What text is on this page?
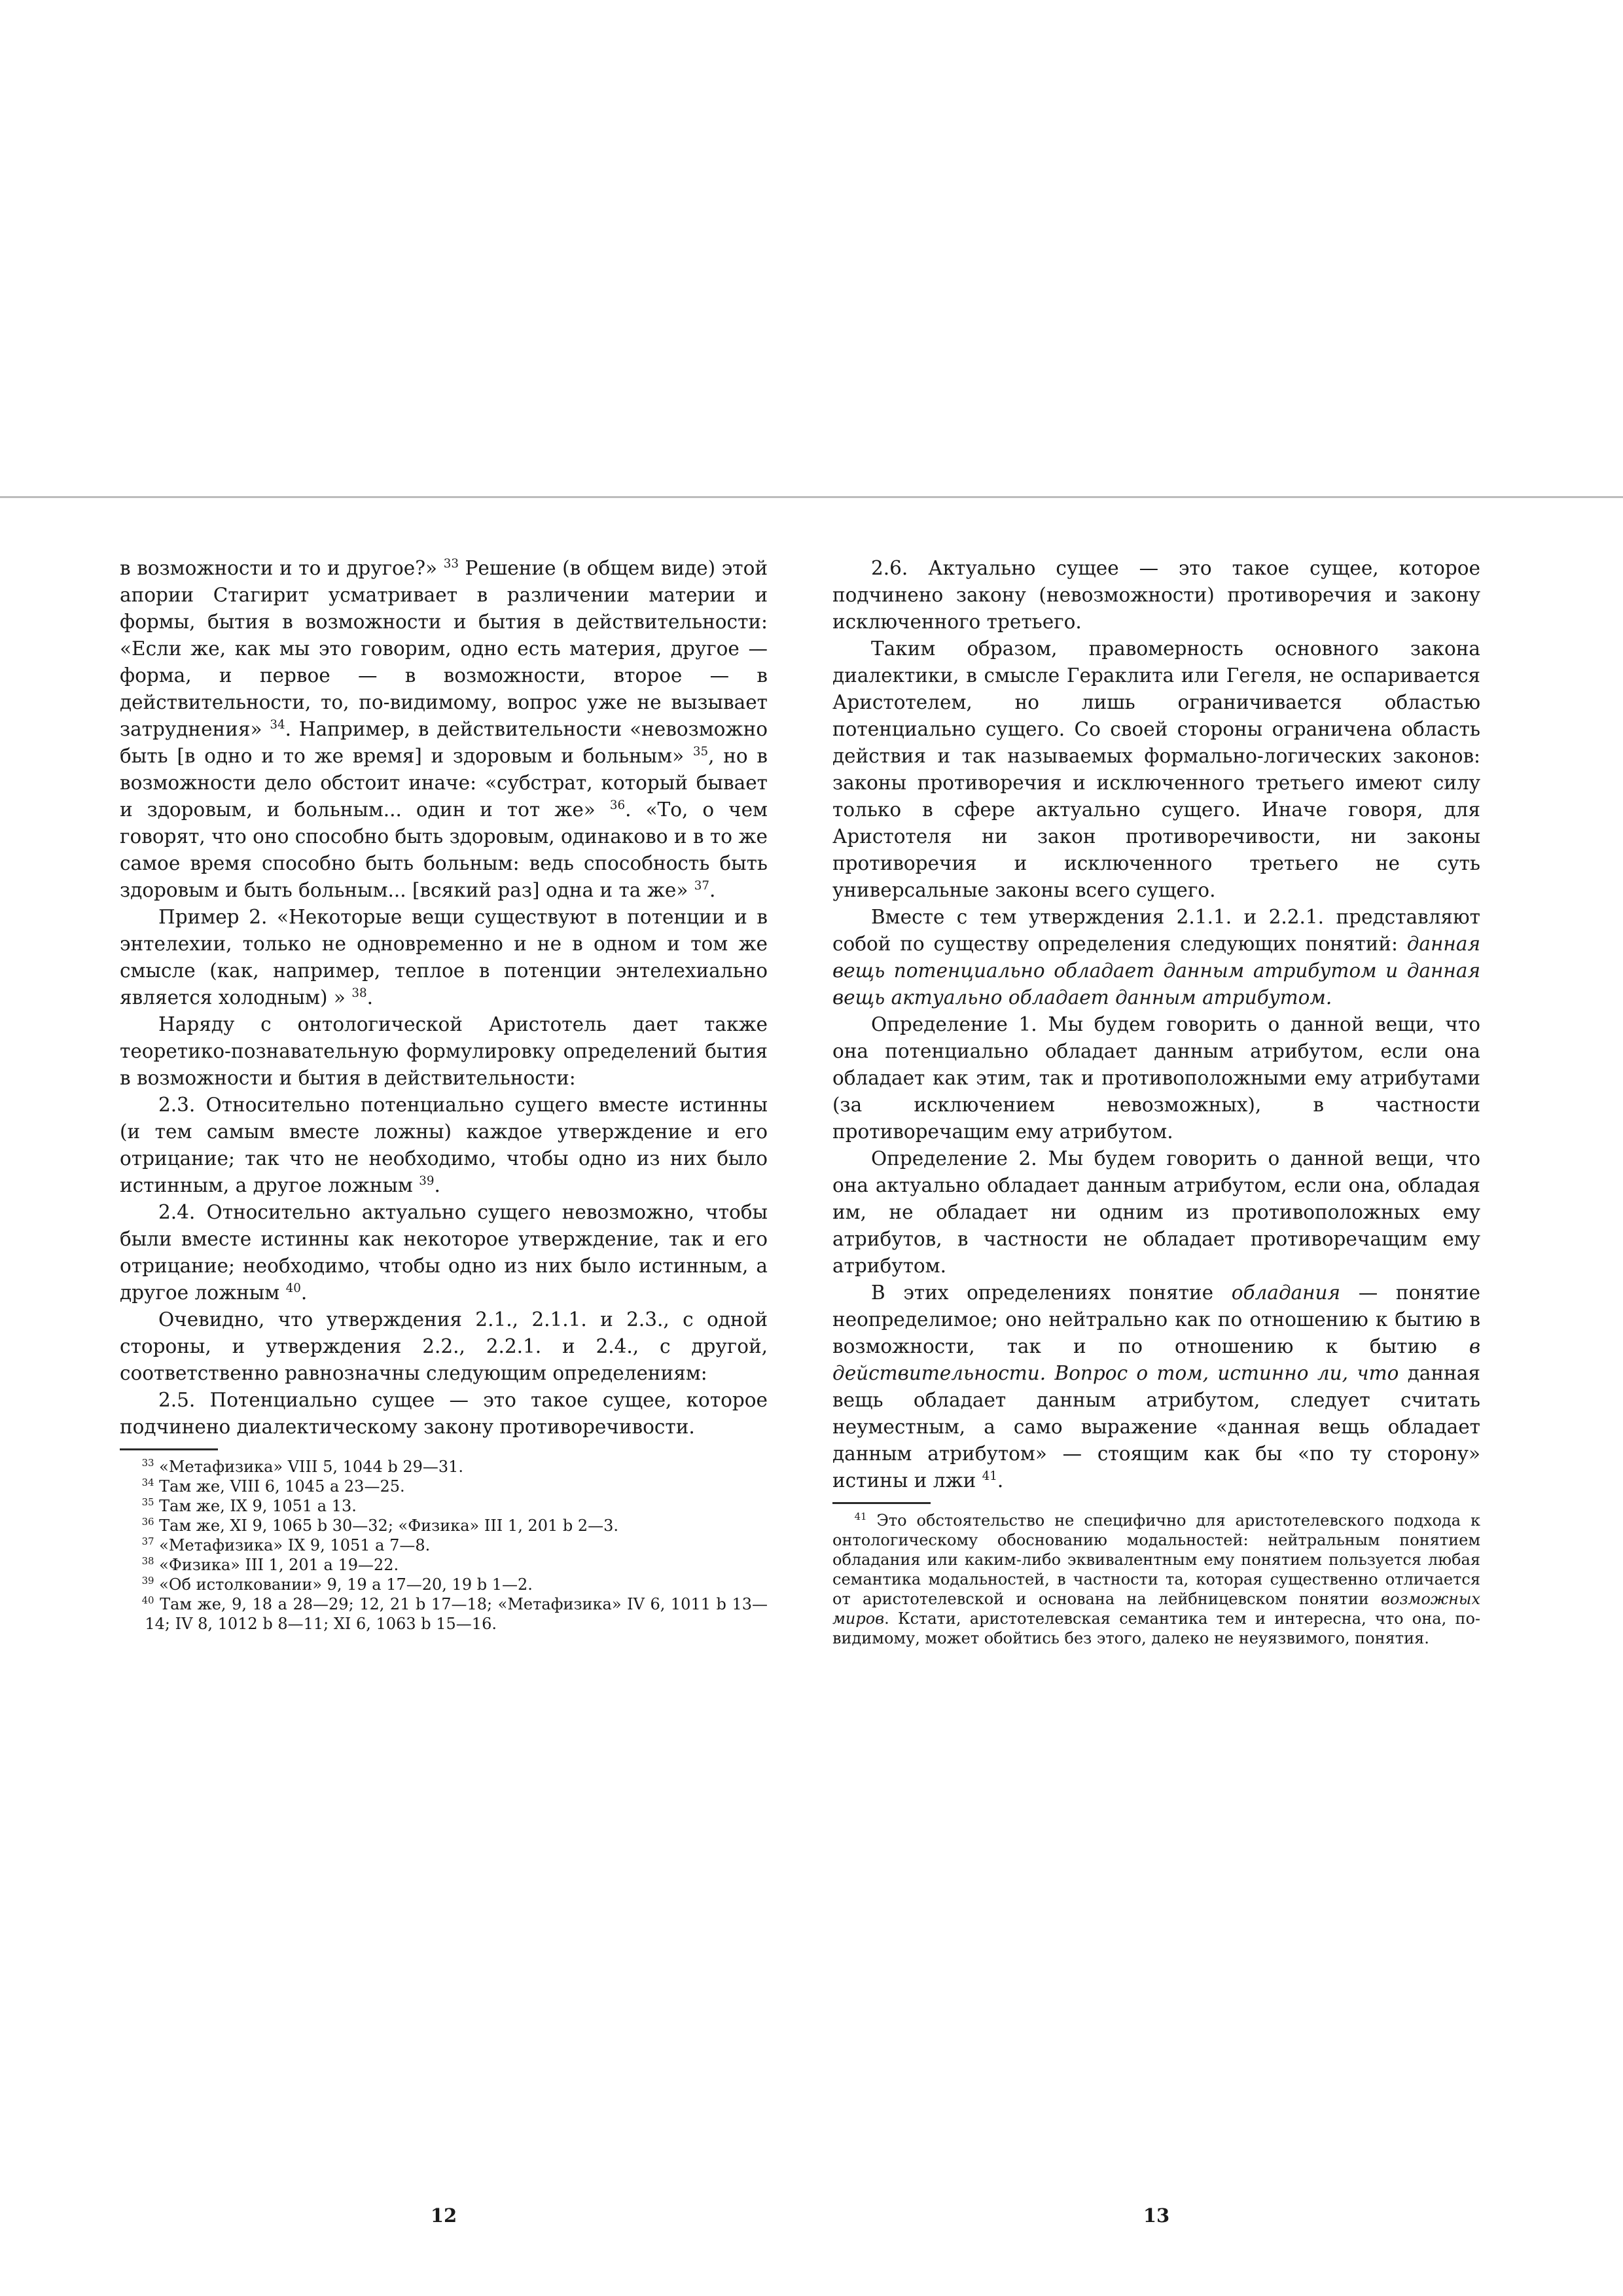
в возможности и то и другое?» $^{33}$ Решение (в общем виде) этой апории Стагирит усматривает в различении материи и формы, бытия в возможности и бытия в действительности: «Если же, как мы это говорим, одно есть материя, другое — форма, и первое — в возможности, второе — в действительности, то, по-видимому, вопрос уже не вызывает затруднения» $^{34}$. Например, в действительности «невозможно быть [в одно и то же время] и здоровым и больным» $^{35}$, но в возможности дело обстоит иначе: «субстрат, который бывает и здоровым, и больным... один и тот же» $^{36}$. «То, о чем говорят, что оно способно быть здоровым, одинаково и в то же самое время способно быть больным: ведь способность быть здоровым и быть больным... [всякий раз] одна и та же» $^{37}$.

Пример 2. «Некоторые вещи существуют в потенции и в энтелехии, только не одновременно и не в одном и том же смысле (как, например, теплое в потенции энтелехиально является холодным) » $^{38}$.

Наряду с онтологической Аристотель дает также теоретико-познавательную формулировку определений бытия в возможности и бытия в действительности:

2.3. Относительно потенциально сущего вместе истинны (и тем самым вместе ложны) каждое утверждение и его отрицание; так что не необходимо, чтобы одно из них было истинным, а другое ложным $^{39}$.

2.4. Относительно актуально сущего невозможно, чтобы были вместе истинны как некоторое утверждение, так и его отрицание; необходимо, чтобы одно из них было истинным, а другое ложным $^{40}$.

Очевидно, что утверждения 2.1., 2.1.1. и 2.3., с одной стороны, и утверждения 2.2., 2.2.1. и 2.4., с другой, соответственно равнозначны следующим определениям:

2.5. Потенциально сущее — это такое сущее, которое подчинено диалектическому закону противоречивости.

$^{33}$ «Метафизика» VIII 5, 1044 b 29—31.

$^{34}$ Там же, VIII 6, 1045 a 23—25.

$^{35}$ Там же, IX 9, 1051 a 13.

$^{36}$ Там же, XI 9, 1065 b 30—32; «Физика» III 1, 201 b 2—3.

$^{37}$ «Метафизика» IX 9, 1051 a 7—8.

$^{38}$ «Физика» III 1, 201 a 19—22.

$^{39}$ «Об истолковании» 9, 19 a 17—20, 19 b 1—2.

$^{40}$ Там же, 9, 18 a 28—29; 12, 21 b 17—18; «Метафизика» IV 6, 1011 b 13—14; IV 8, 1012 b 8—11; XI 6, 1063 b 15—16.

12

2.6. Актуально сущее — это такое сущее, которое подчинено закону (невозможности) противоречия и закону исключенного третьего.

Таким образом, правомерность основного закона диалектики, в смысле Гераклита или Гегеля, не оспаривается Аристотелем, но лишь ограничивается областью потенциально сущего. Со своей стороны ограничена область действия и так называемых формально-логических законов: законы противоречия и исключенного третьего имеют силу только в сфере актуально сущего. Иначе говоря, для Аристотеля ни закон противоречивости, ни законы противоречия и исключенного третьего не суть универсальные законы всего сущего.

Вместе с тем утверждения 2.1.1. и 2.2.1. представляют собой по существу определения следующих понятий: данная вещь потенциально обладает данным атрибутом и данная вещь актуально обладает данным атрибутом.

Определение 1. Мы будем говорить о данной вещи, что она потенциально обладает данным атрибутом, если она обладает как этим, так и противоположными ему атрибутами (за исключением невозможных), в частности противоречащим ему атрибутом.

Определение 2. Мы будем говорить о данной вещи, что она актуально обладает данным атрибутом, если она, обладая им, не обладает ни одним из противоположных ему атрибутов, в частности не обладает противоречащим ему атрибутом.

В этих определениях понятие обладания — понятие неопределимое; оно нейтрально как по отношению к бытию в возможности, так и по отношению к бытию в действительности. Вопрос о том, истинно ли, что данная вещь обладает данным атрибутом, следует считать неуместным, а само выражение «данная вещь обладает данным атрибутом» — стоящим как бы «по ту сторону» истины и лжи $^{41}$.

$^{41}$ Это обстоятельство не специфично для аристотелевского подхода к онтологическому обоснованию модальностей: нейтральным понятием обладания или каким-либо эквивалентным ему понятием пользуется любая семантика модальностей, в частности та, которая существенно отличается от аристотелевской и основана на лейбницевском понятии возможных миров. Кстати, аристотелевская семантика тем и интересна, что она, по-видимому, может обойтись без этого, далеко не неуязвимого, понятия.

13
